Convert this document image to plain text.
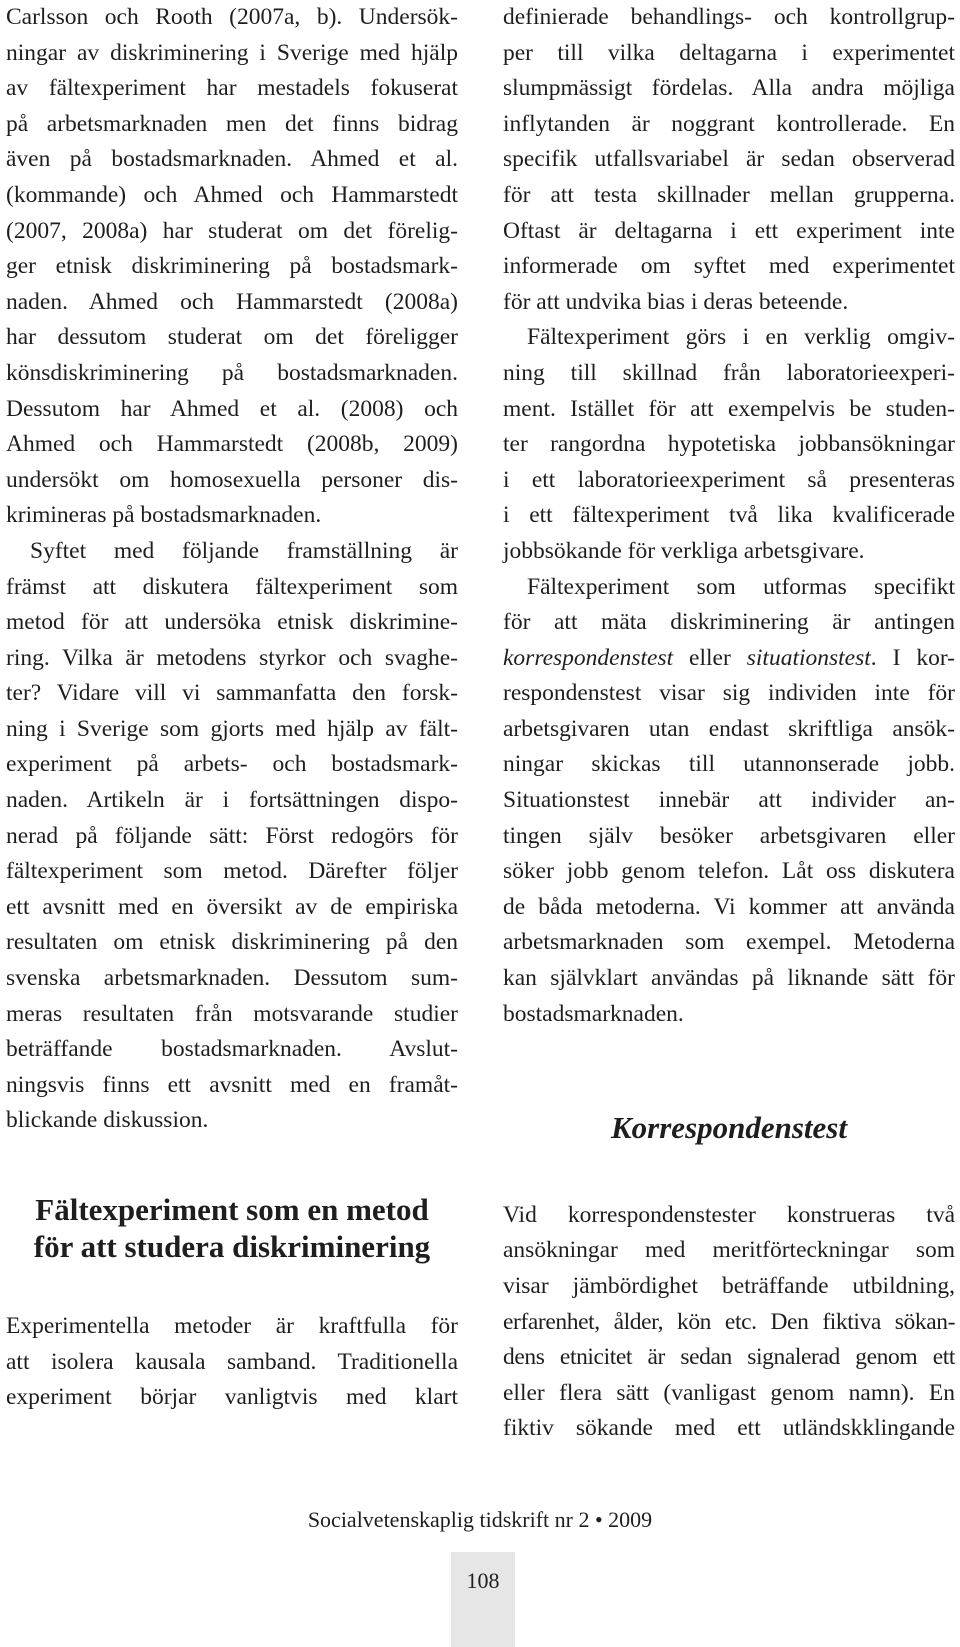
Carlsson och Rooth (2007a, b). Undersök-
ningar av diskriminering i Sverige med hjälp
av fältexperiment har mestadels fokuserat
på arbetsmarknaden men det finns bidrag
även på bostadsmarknaden. Ahmed et al.
(kommande) och Ahmed och Hammarstedt
(2007, 2008a) har studerat om det förelig-
ger etnisk diskriminering på bostadsmark-
naden. Ahmed och Hammarstedt (2008a)
har dessutom studerat om det föreligger
könsdiskriminering på bostadsmarknaden.
Dessutom har Ahmed et al. (2008) och
Ahmed och Hammarstedt (2008b, 2009)
undersökt om homosexuella personer dis-
krimineras på bostadsmarknaden.
Syftet med följande framställning är
främst att diskutera fältexperiment som
metod för att undersöka etnisk diskrimine-
ring. Vilka är metodens styrkor och svaghe-
ter? Vidare vill vi sammanfatta den forsk-
ning i Sverige som gjorts med hjälp av fält-
experiment på arbets- och bostadsmark-
naden. Artikeln är i fortsättningen dispo-
nerad på följande sätt: Först redogörs för
fältexperiment som metod. Därefter följer
ett avsnitt med en översikt av de empiriska
resultaten om etnisk diskriminering på den
svenska arbetsmarknaden. Dessutom sum-
meras resultaten från motsvarande studier
beträffande bostadsmarknaden. Avslut-
ningsvis finns ett avsnitt med en framåt-
blickande diskussion.
Fältexperiment som en metod
för att studera diskriminering
Experimentella metoder är kraftfulla för
att isolera kausala samband. Traditionella
experiment börjar vanligtvis med klart
definierade behandlings- och kontrollgrup-
per till vilka deltagarna i experimentet
slumpmässigt fördelas. Alla andra möjliga
inflytanden är noggrant kontrollerade. En
specifik utfallsvariabel är sedan observerad
för att testa skillnader mellan grupperna.
Oftast är deltagarna i ett experiment inte
informerade om syftet med experimentet
för att undvika bias i deras beteende.
Fältexperiment görs i en verklig omgiv-
ning till skillnad från laboratorieexperi-
ment. Istället för att exempelvis be studen-
ter rangordna hypotetiska jobbansökningar
i ett laboratorieexperiment så presenteras
i ett fältexperiment två lika kvalificerade
jobbsökande för verkliga arbetsgivare.
Fältexperiment som utformas specifikt
för att mäta diskriminering är antingen
korrespondenstest eller situationstest. I kor-
respondenstest visar sig individen inte för
arbetsgivaren utan endast skriftliga ansök-
ningar skickas till utannonserade jobb.
Situationstest innebär att individer an-
tingen själv besöker arbetsgivaren eller
söker jobb genom telefon. Låt oss diskutera
de båda metoderna. Vi kommer att använda
arbetsmarknaden som exempel. Metoderna
kan självklart användas på liknande sätt för
bostadsmarknaden.
Korrespondenstest
Vid korrespondenstester konstrueras två
ansökningar med meritförteckningar som
visar jämbördighet beträffande utbildning,
erfarenhet, ålder, kön etc. Den fiktiva sökan-
dens etnicitet är sedan signalerad genom ett
eller flera sätt (vanligast genom namn). En
fiktiv sökande med ett utländskklingande
Socialvetenskaplig tidskrift nr 2 • 2009
108
